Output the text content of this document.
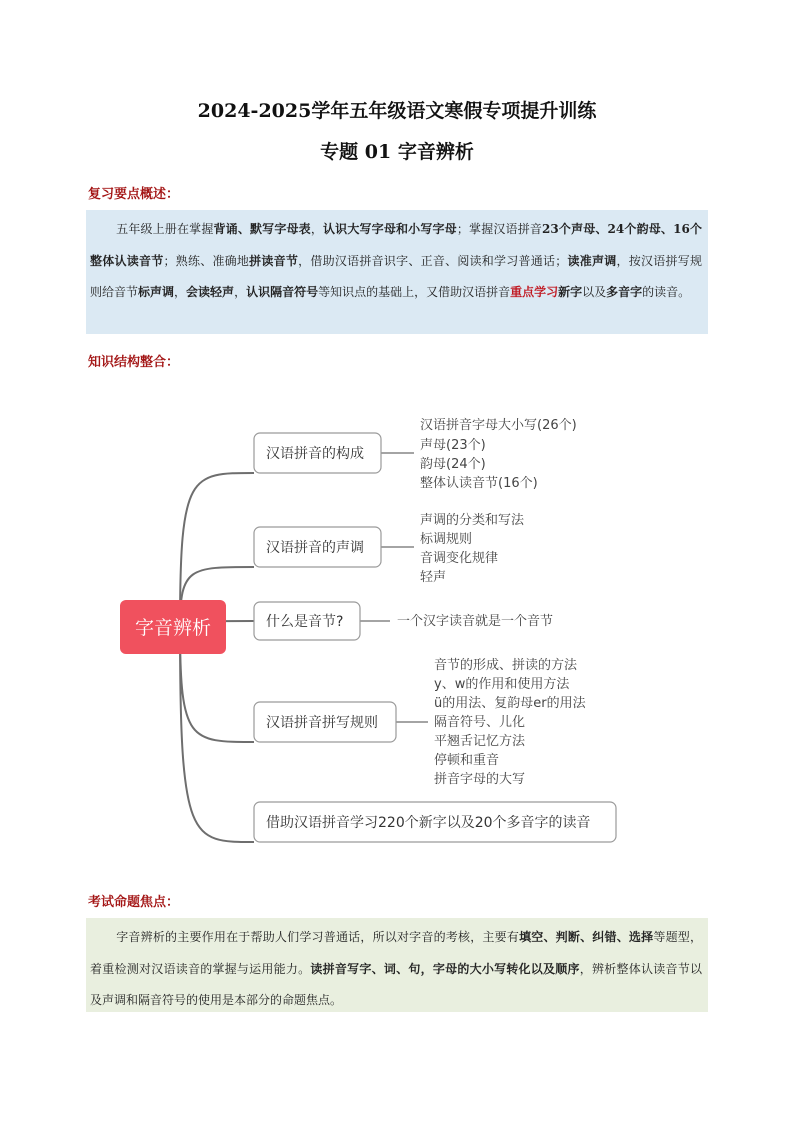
2024-2025学年五年级语文寒假专项提升训练
专题 01 字音辨析
复习要点概述：
五年级上册在掌握背诵、默写字母表，认识大写字母和小写字母；掌握汉语拼音23个声母、24个韵母、16个整体认读音节；熟练、准确地拼读音节，借助汉语拼音识字、正音、阅读和学习普通话；读准声调，按汉语拼写规则给音节标声调，会读轻声，认识隔音符号等知识点的基础上，又借助汉语拼音重点学习新字以及多音字的读音。
知识结构整合：
汉语拼音的构成
汉语拼音的声调
什么是音节?
汉语拼音拼写规则
借助汉语拼音学习220个新字以及20个多音字的读音
汉语拼音字母大小写(26个)
声母(23个)
韵母(24个)
整体认读音节(16个)
声调的分类和写法
标调规则
音调变化规律
轻声
一个汉字读音就是一个音节
音节的形成、拼读的方法
y、w的作用和使用方法
ü的用法、复韵母er的用法
隔音符号、儿化
平翘舌记忆方法
停顿和重音
拼音字母的大写
字音辨析
考试命题焦点：
字音辨析的主要作用在于帮助人们学习普通话，所以对字音的考核，主要有填空、判断、纠错、选择等题型，着重检测对汉语读音的掌握与运用能力。读拼音写字、词、句，字母的大小写转化以及顺序，辨析整体认读音节以及声调和隔音符号的使用是本部分的命题焦点。
